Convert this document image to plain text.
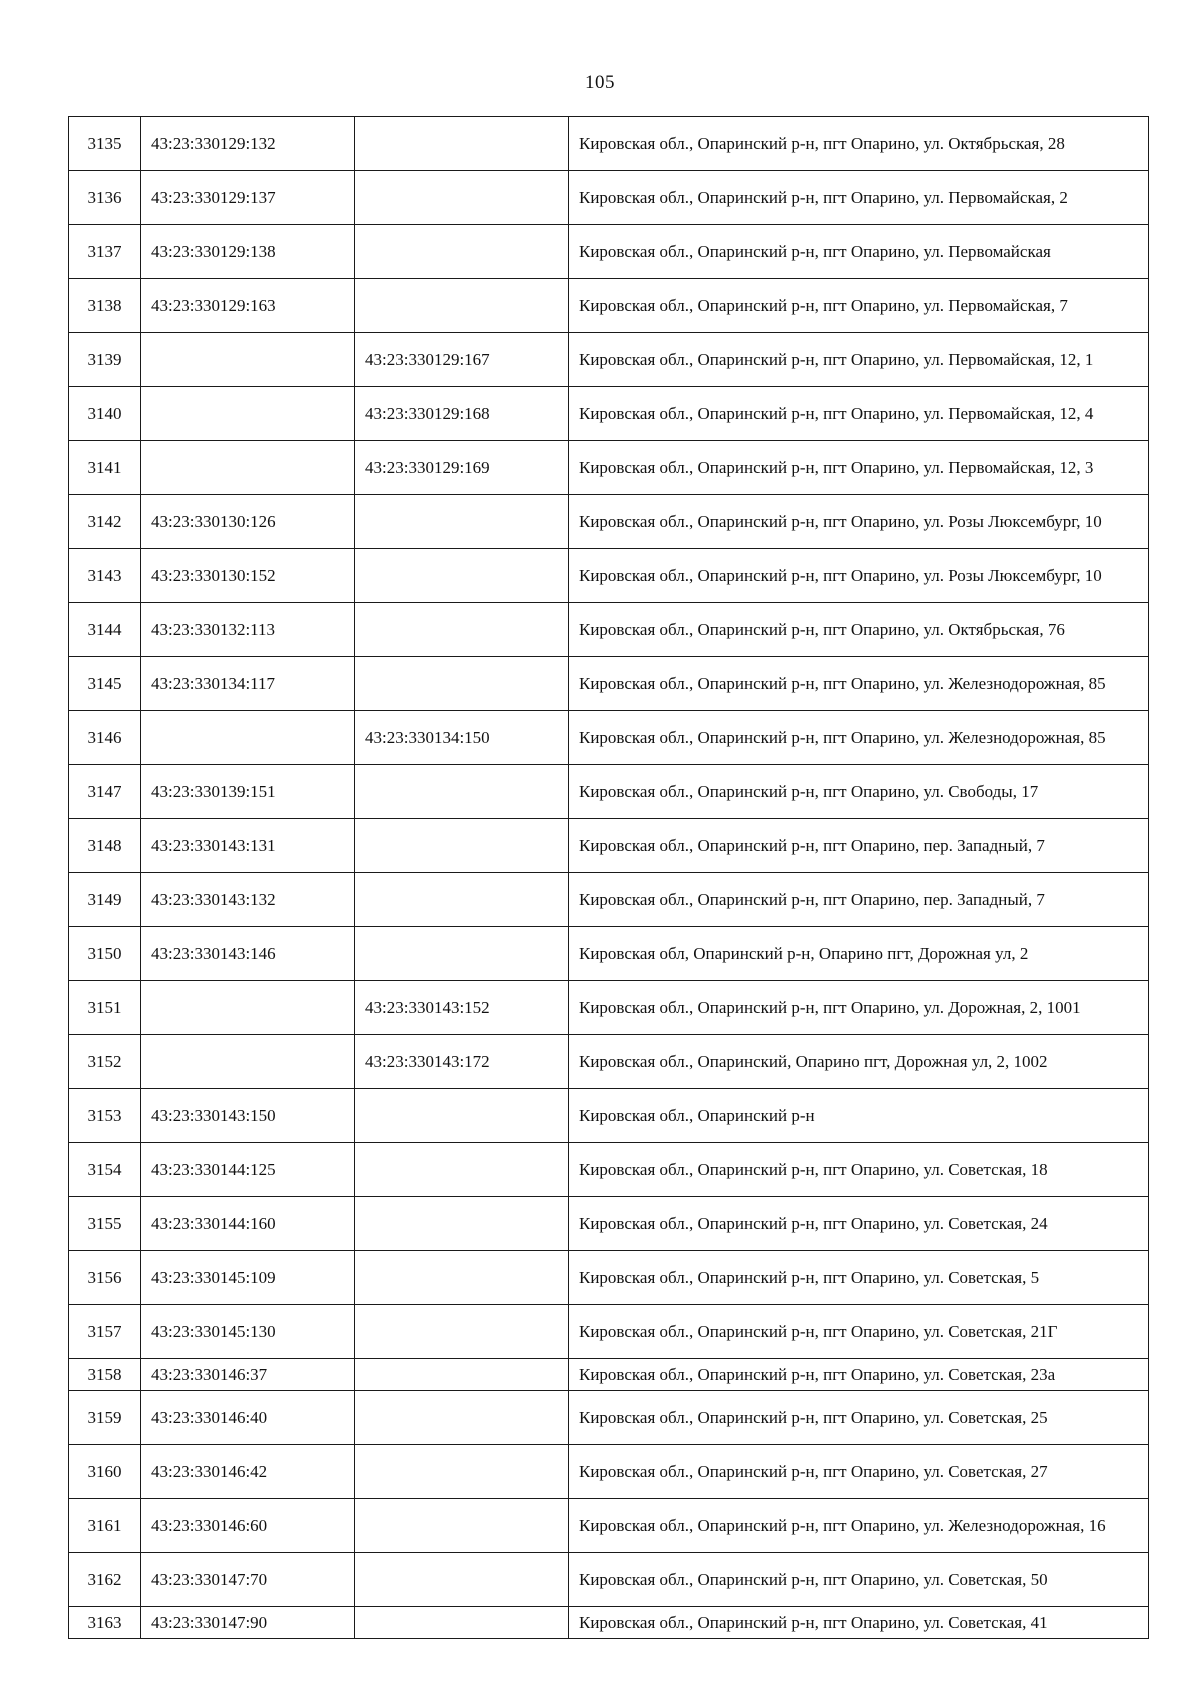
105
3135	43:23:330129:132		Кировская обл., Опаринский р-н, пгт Опарино, ул. Октябрьская, 28
3136	43:23:330129:137		Кировская обл., Опаринский р-н, пгт Опарино, ул. Первомайская, 2
3137	43:23:330129:138		Кировская обл., Опаринский р-н, пгт Опарино, ул. Первомайская
3138	43:23:330129:163		Кировская обл., Опаринский р-н, пгт Опарино, ул. Первомайская, 7
3139		43:23:330129:167	Кировская обл., Опаринский р-н, пгт Опарино, ул. Первомайская, 12, 1
3140		43:23:330129:168	Кировская обл., Опаринский р-н, пгт Опарино, ул. Первомайская, 12, 4
3141		43:23:330129:169	Кировская обл., Опаринский р-н, пгт Опарино, ул. Первомайская, 12, 3
3142	43:23:330130:126		Кировская обл., Опаринский р-н, пгт Опарино, ул. Розы Люксембург, 10
3143	43:23:330130:152		Кировская обл., Опаринский р-н, пгт Опарино, ул. Розы Люксембург, 10
3144	43:23:330132:113		Кировская обл., Опаринский р-н, пгт Опарино, ул. Октябрьская, 76
3145	43:23:330134:117		Кировская обл., Опаринский р-н, пгт Опарино, ул. Железнодорожная, 85
3146		43:23:330134:150	Кировская обл., Опаринский р-н, пгт Опарино, ул. Железнодорожная, 85
3147	43:23:330139:151		Кировская обл., Опаринский р-н, пгт Опарино, ул. Свободы, 17
3148	43:23:330143:131		Кировская обл., Опаринский р-н, пгт Опарино, пер. Западный, 7
3149	43:23:330143:132		Кировская обл., Опаринский р-н, пгт Опарино, пер. Западный, 7
3150	43:23:330143:146		Кировская обл, Опаринский р-н, Опарино пгт, Дорожная ул, 2
3151		43:23:330143:152	Кировская обл., Опаринский р-н, пгт Опарино, ул. Дорожная, 2, 1001
3152		43:23:330143:172	Кировская обл., Опаринский, Опарино пгт, Дорожная ул, 2, 1002
3153	43:23:330143:150		Кировская обл., Опаринский р-н
3154	43:23:330144:125		Кировская обл., Опаринский р-н, пгт Опарино, ул. Советская, 18
3155	43:23:330144:160		Кировская обл., Опаринский р-н, пгт Опарино, ул. Советская, 24
3156	43:23:330145:109		Кировская обл., Опаринский р-н, пгт Опарино, ул. Советская, 5
3157	43:23:330145:130		Кировская обл., Опаринский р-н, пгт Опарино, ул. Советская, 21Г
3158	43:23:330146:37		Кировская обл., Опаринский р-н, пгт Опарино, ул. Советская, 23а
3159	43:23:330146:40		Кировская обл., Опаринский р-н, пгт Опарино, ул. Советская, 25
3160	43:23:330146:42		Кировская обл., Опаринский р-н, пгт Опарино, ул. Советская, 27
3161	43:23:330146:60		Кировская обл., Опаринский р-н, пгт Опарино, ул. Железнодорожная, 16
3162	43:23:330147:70		Кировская обл., Опаринский р-н, пгт Опарино, ул. Советская, 50
3163	43:23:330147:90		Кировская обл., Опаринский р-н, пгт Опарино, ул. Советская, 41
